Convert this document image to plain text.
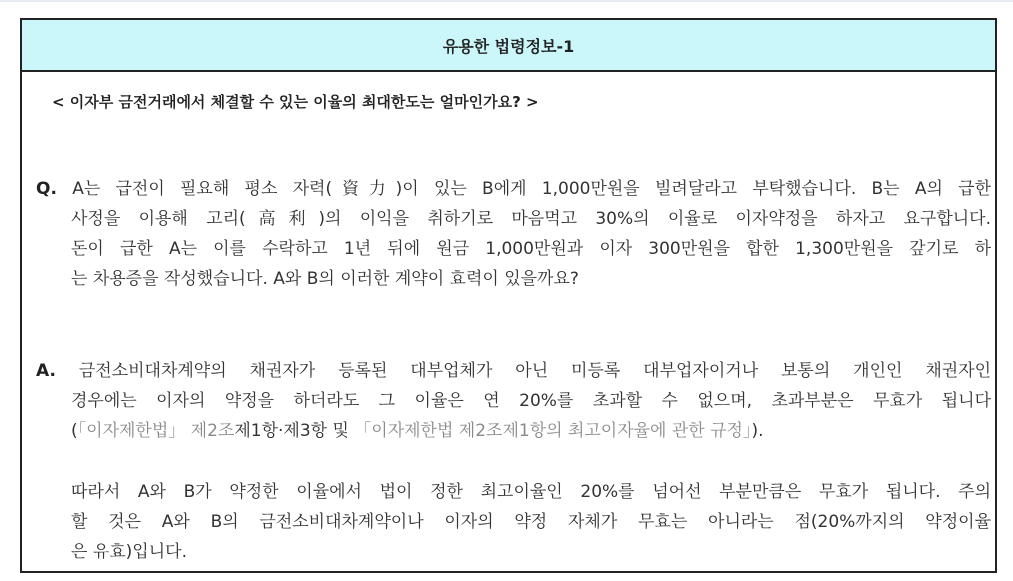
유용한 법령정보-1
< 이자부 금전거래에서 체결할 수 있는 이율의 최대한도는 얼마인가요? >
Q. A는 급전이 필요해 평소 자력(資力)이 있는 B에게 1,000만원을 빌려달라고 부탁했습니다. B는 A의 급한
사정을 이용해 고리(高利)의 이익을 취하기로 마음먹고 30%의 이율로 이자약정을 하자고 요구합니다.
돈이 급한 A는 이를 수락하고 1년 뒤에 원금 1,000만원과 이자 300만원을 합한 1,300만원을 갚기로 하
는 차용증을 작성했습니다. A와 B의 이러한 계약이 효력이 있을까요?
A. 금전소비대차계약의 채권자가 등록된 대부업체가 아닌 미등록 대부업자이거나 보통의 개인인 채권자인
경우에는 이자의 약정을 하더라도 그 이율은 연 20%를 초과할 수 없으며, 초과부분은 무효가 됩니다
(「이자제한법」 제2조제1항·제3항 및 「이자제한법 제2조제1항의 최고이자율에 관한 규정」).
따라서 A와 B가 약정한 이율에서 법이 정한 최고이율인 20%를 넘어선 부분만큼은 무효가 됩니다. 주의
할 것은 A와 B의 금전소비대차계약이나 이자의 약정 자체가 무효는 아니라는 점(20%까지의 약정이율
은 유효)입니다.
